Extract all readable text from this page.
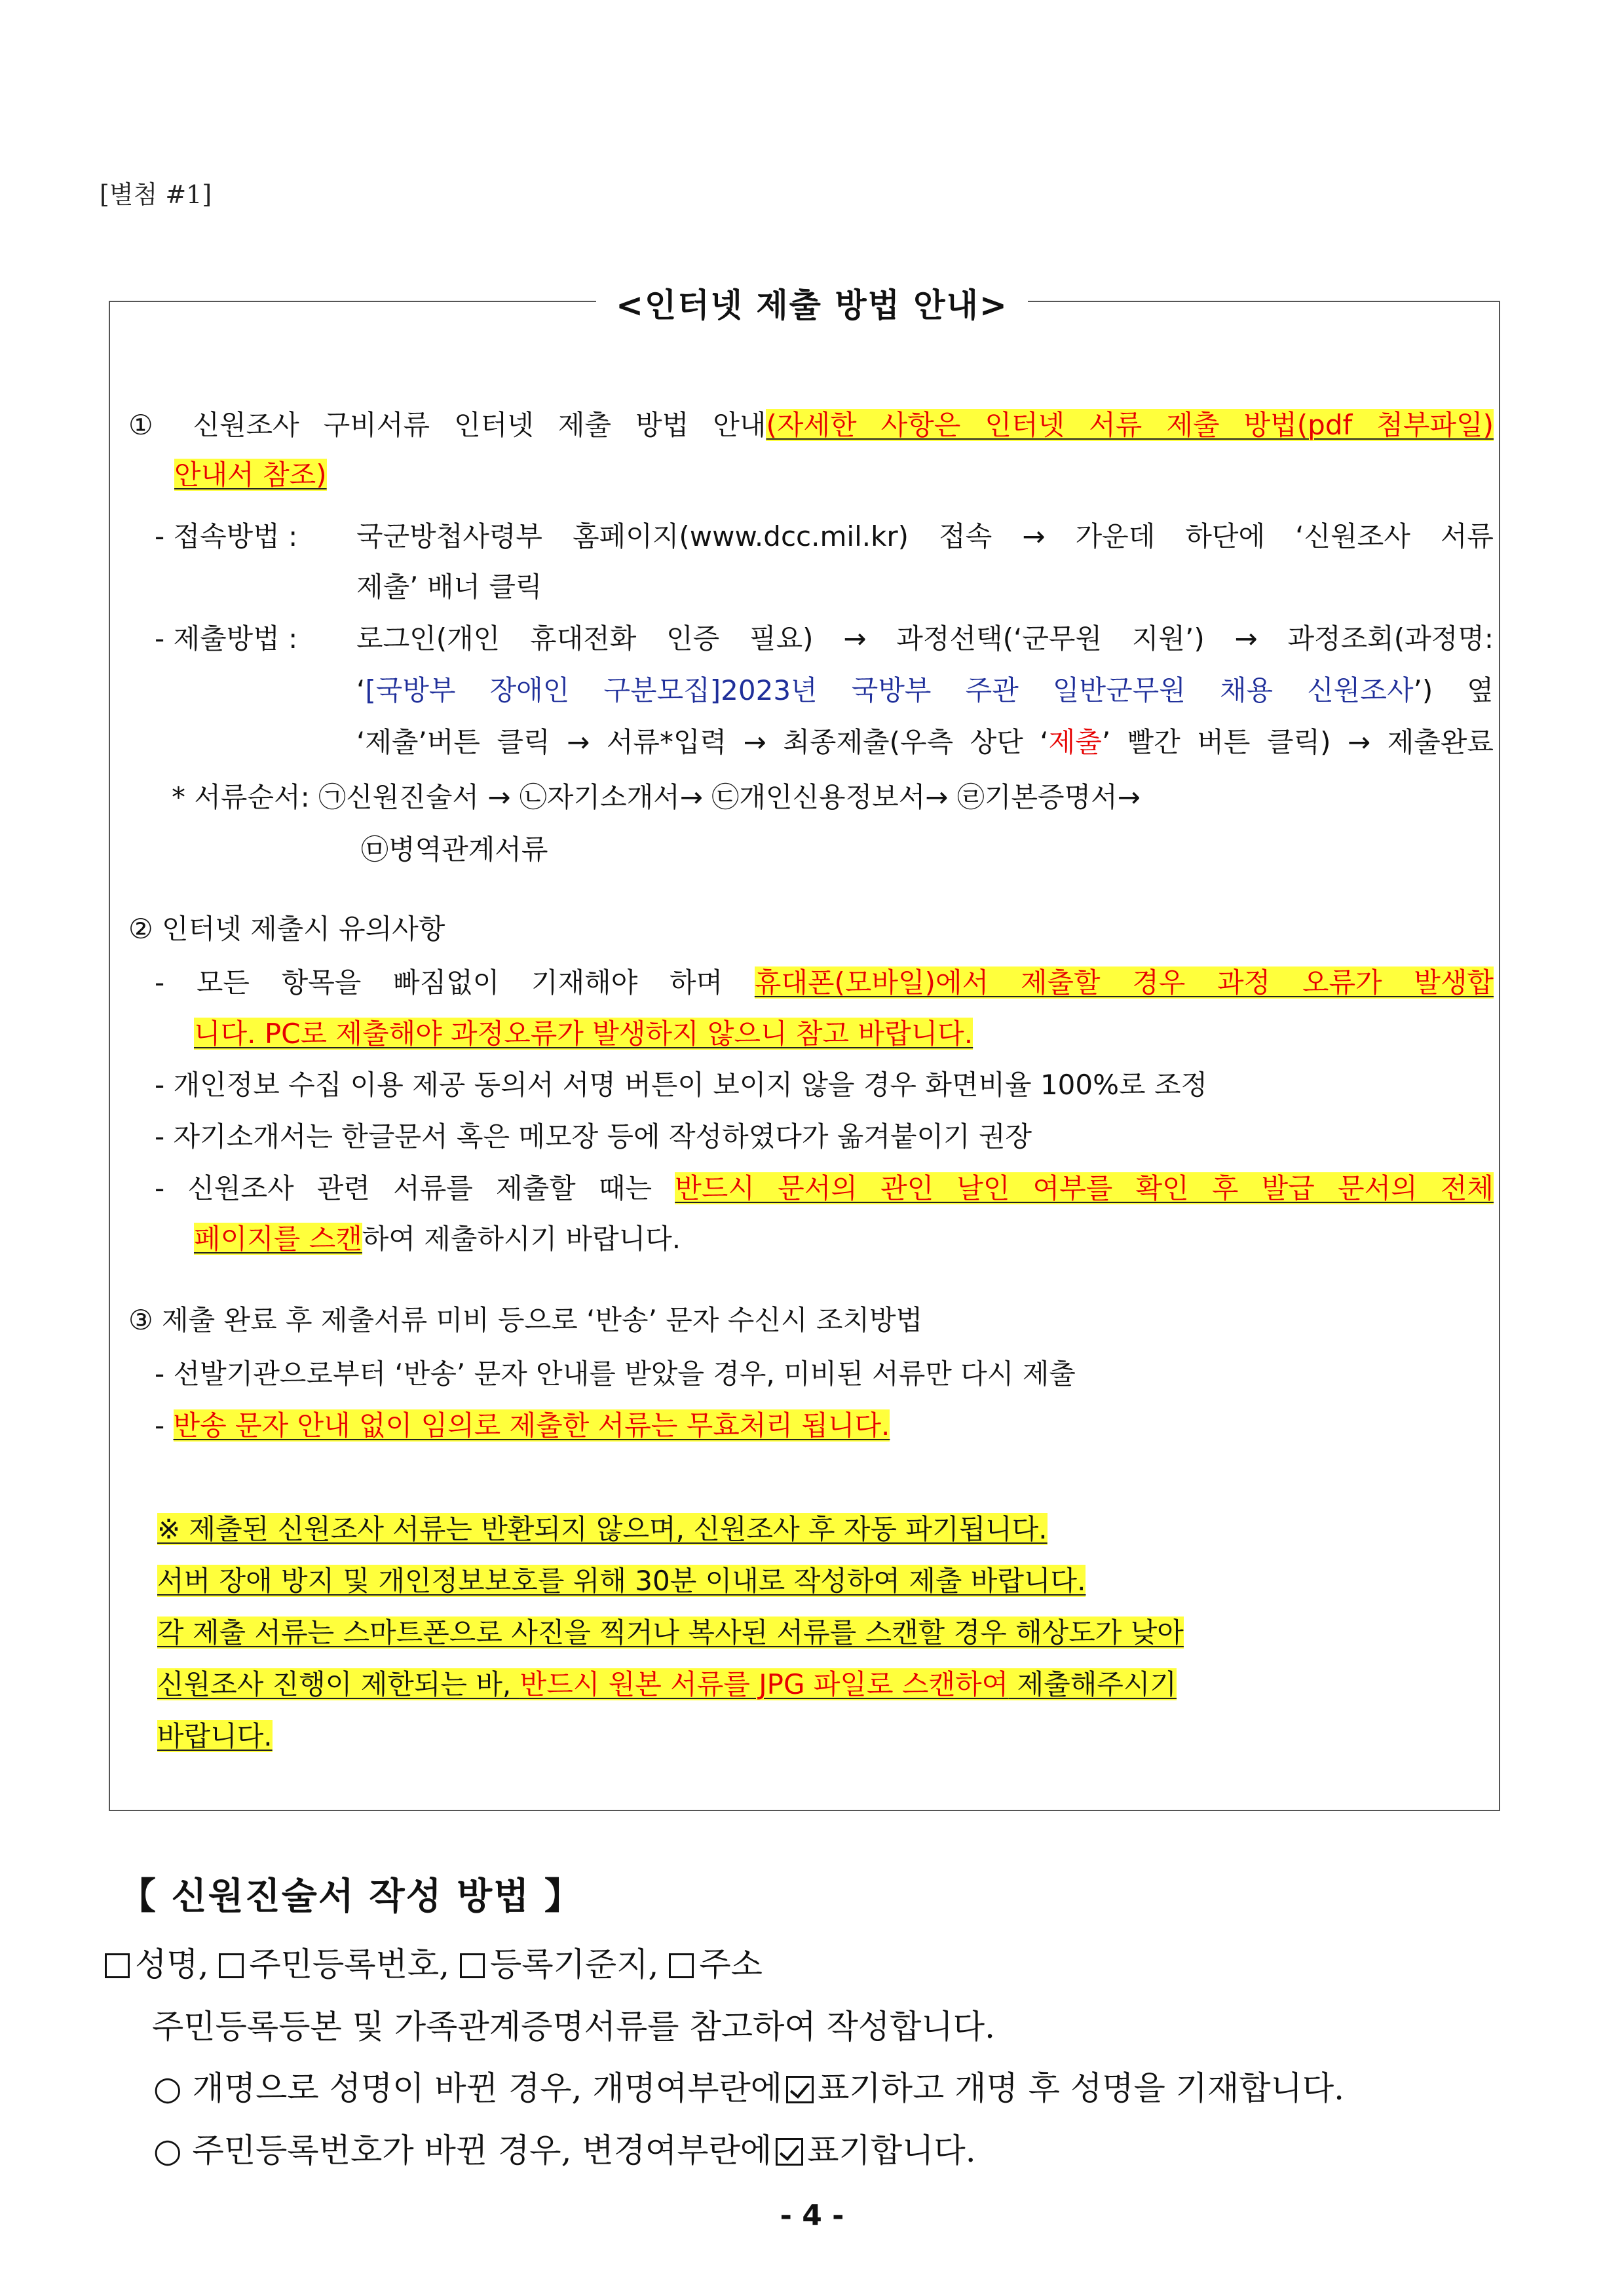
[별첨 #1]
<인터넷 제출 방법 안내>
① 신원조사 구비서류 인터넷 제출 방법 안내(자세한 사항은 인터넷 서류 제출 방법(pdf 첨부파일)
안내서 참조)
- 접속방법 : 국군방첩사령부 홈페이지(www.dcc.mil.kr) 접속 → 가운데 하단에 ‘신원조사 서류
제출’ 배너 클릭
- 제출방법 : 로그인(개인 휴대전화 인증 필요) → 과정선택(‘군무원 지원’) → 과정조회(과정명:
‘[국방부 장애인 구분모집]2023년 국방부 주관 일반군무원 채용 신원조사’) 옆
‘제출’버튼 클릭 → 서류*입력 → 최종제출(우측 상단 ‘제출’ 빨간 버튼 클릭) → 제출완료
* 서류순서: ㉠신원진술서 → ㉡자기소개서→ ㉢개인신용정보서→ ㉣기본증명서→
㉤병역관계서류
② 인터넷 제출시 유의사항
- 모든 항목을 빠짐없이 기재해야 하며 휴대폰(모바일)에서 제출할 경우 과정 오류가 발생합
니다. PC로 제출해야 과정오류가 발생하지 않으니 참고 바랍니다.
- 개인정보 수집 이용 제공 동의서 서명 버튼이 보이지 않을 경우 화면비율 100%로 조정
- 자기소개서는 한글문서 혹은 메모장 등에 작성하였다가 옮겨붙이기 권장
- 신원조사 관련 서류를 제출할 때는 반드시 문서의 관인 날인 여부를 확인 후 발급 문서의 전체
페이지를 스캔하여 제출하시기 바랍니다.
③ 제출 완료 후 제출서류 미비 등으로 ‘반송’ 문자 수신시 조치방법
- 선발기관으로부터 ‘반송’ 문자 안내를 받았을 경우, 미비된 서류만 다시 제출
- 반송 문자 안내 없이 임의로 제출한 서류는 무효처리 됩니다.
※ 제출된 신원조사 서류는 반환되지 않으며, 신원조사 후 자동 파기됩니다.
서버 장애 방지 및 개인정보보호를 위해 30분 이내로 작성하여 제출 바랍니다.
각 제출 서류는 스마트폰으로 사진을 찍거나 복사된 서류를 스캔할 경우 해상도가 낮아
신원조사 진행이 제한되는 바, 반드시 원본 서류를 JPG 파일로 스캔하여 제출해주시기
바랍니다.
【 신원진술서 작성 방법 】
성명, 주민등록번호, 등록기준지, 주소
주민등록등본 및 가족관계증명서류를 참고하여 작성합니다.
○ 개명으로 성명이 바뀐 경우, 개명여부란에 표기하고 개명 후 성명을 기재합니다.
○ 주민등록번호가 바뀐 경우, 변경여부란에 표기합니다.
- 4 -
